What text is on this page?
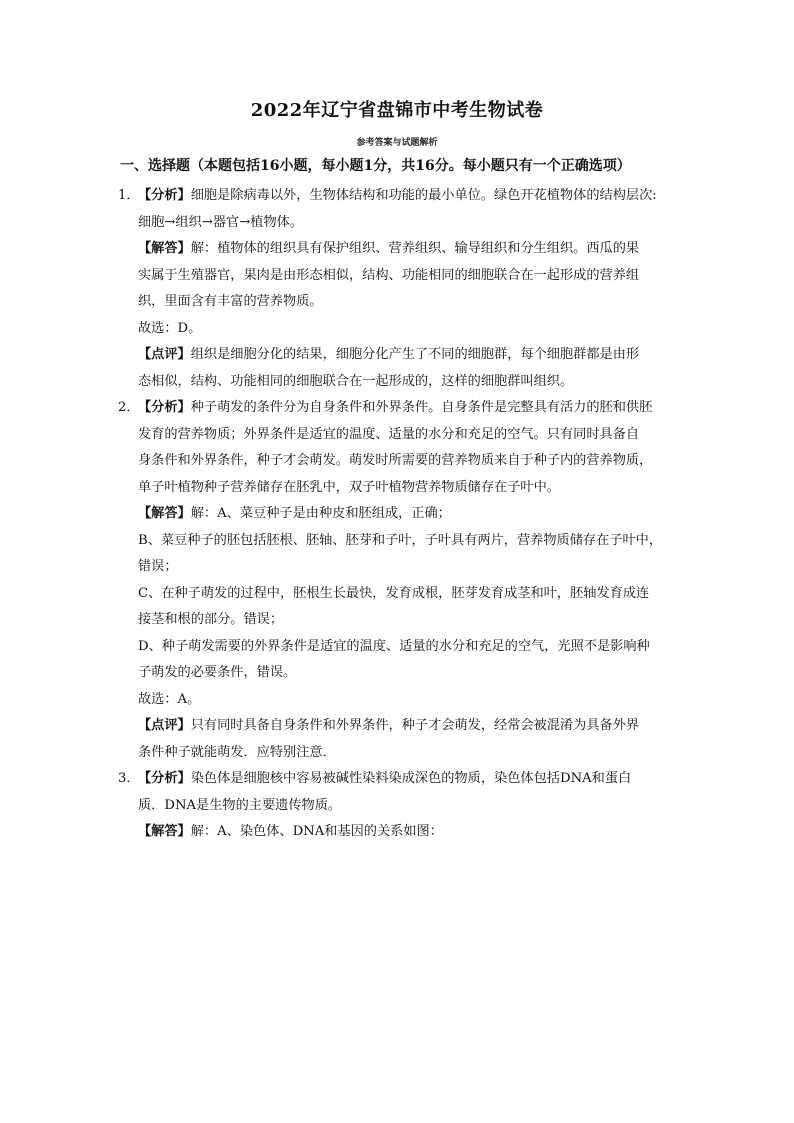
2022年辽宁省盘锦市中考生物试卷
参考答案与试题解析
一、选择题（本题包括16小题，每小题1分，共16分。每小题只有一个正确选项）
1．【分析】细胞是除病毒以外，生物体结构和功能的最小单位。绿色开花植物体的结构层次:
细胞→组织→器官→植物体。
【解答】解：植物体的组织具有保护组织、营养组织、输导组织和分生组织。西瓜的果
实属于生殖器官，果肉是由形态相似，结构、功能相同的细胞联合在一起形成的营养组
织，里面含有丰富的营养物质。
故选：D。
【点评】组织是细胞分化的结果，细胞分化产生了不同的细胞群，每个细胞群都是由形
态相似，结构、功能相同的细胞联合在一起形成的，这样的细胞群叫组织。
2．【分析】种子萌发的条件分为自身条件和外界条件。自身条件是完整具有活力的胚和供胚
发育的营养物质；外界条件是适宜的温度、适量的水分和充足的空气。只有同时具备自
身条件和外界条件，种子才会萌发。萌发时所需要的营养物质来自于种子内的营养物质，
单子叶植物种子营养储存在胚乳中，双子叶植物营养物质储存在子叶中。
【解答】解：A、菜豆种子是由种皮和胚组成，正确；
B、菜豆种子的胚包括胚根、胚轴、胚芽和子叶，子叶具有两片，营养物质储存在子叶中，
错误；
C、在种子萌发的过程中，胚根生长最快，发育成根，胚芽发育成茎和叶，胚轴发育成连
接茎和根的部分。错误；
D、种子萌发需要的外界条件是适宜的温度、适量的水分和充足的空气，光照不是影响种
子萌发的必要条件，错误。
故选：A。
【点评】只有同时具备自身条件和外界条件，种子才会萌发，经常会被混淆为具备外界
条件种子就能萌发．应特别注意．
3．【分析】染色体是细胞核中容易被碱性染料染成深色的物质，染色体包括DNA和蛋白
质．DNA是生物的主要遗传物质。
【解答】解：A、染色体、DNA和基因的关系如图：
